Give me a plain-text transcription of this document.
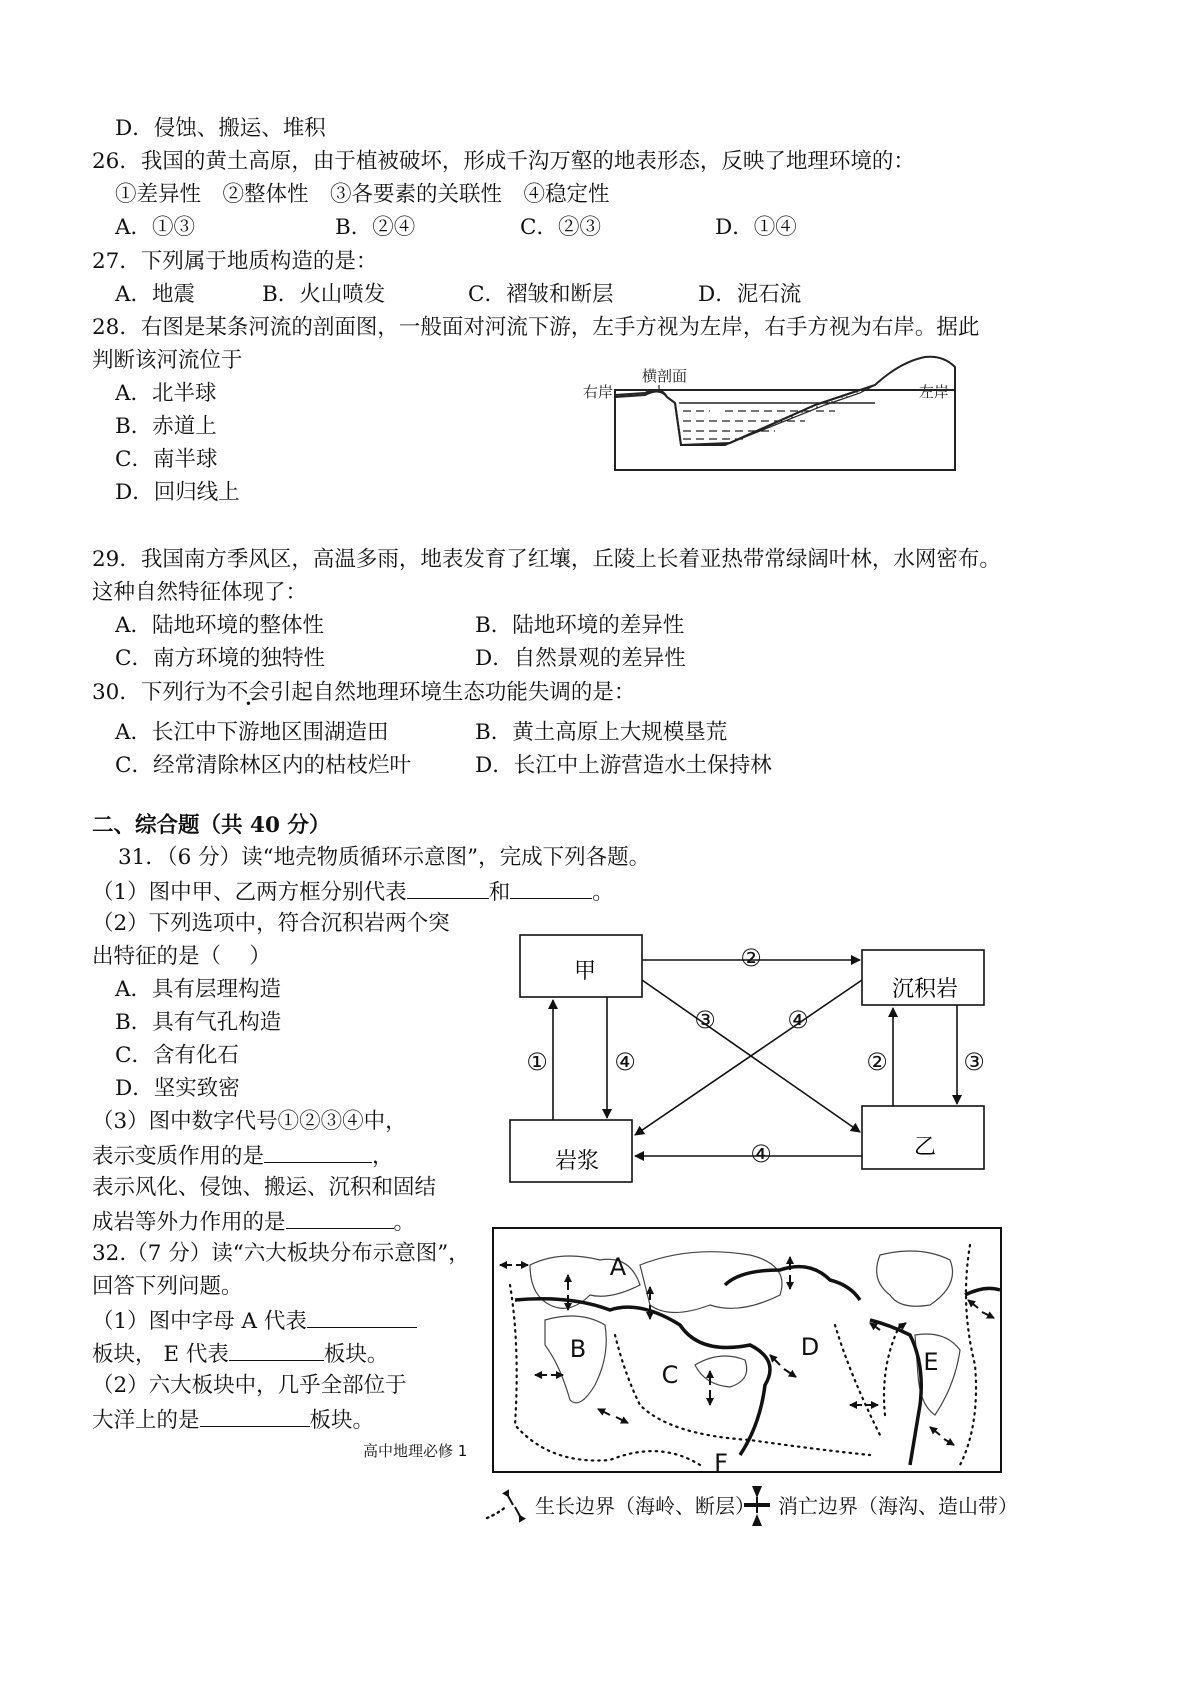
D．侵蚀、搬运、堆积
26．我国的黄土高原，由于植被破坏，形成千沟万壑的地表形态，反映了地理环境的：
①差异性　②整体性　③各要素的关联性　④稳定性
A．①③	B．②④	C．②③	D．①④
27．下列属于地质构造的是：
A．地震	B．火山喷发	C．褶皱和断层	D．泥石流
28．右图是某条河流的剖面图，一般面对河流下游，左手方视为左岸，右手方视为右岸。据此
判断该河流位于
A．北半球
B．赤道上
C．南半球
D．回归线上
右岸
横剖面
左岸
29．我国南方季风区，高温多雨，地表发育了红壤，丘陵上长着亚热带常绿阔叶林，水网密布。
这种自然特征体现了：
A．陆地环境的整体性	B．陆地环境的差异性
C．南方环境的独特性	D．自然景观的差异性
30．下列行为不会引起自然地理环境生态功能失调的是：
A．长江中下游地区围湖造田	B．黄土高原上大规模垦荒
C．经常清除林区内的枯枝烂叶	D．长江中上游营造水土保持林
二、综合题（共 40 分）
31．（6 分）读“地壳物质循环示意图”，完成下列各题。
（1）图中甲、乙两方框分别代表	和	。
（2）下列选项中，符合沉积岩两个突
出特征的是（　 ）
A．具有层理构造
B．具有气孔构造
C．含有化石
D．坚实致密
（3）图中数字代号①②③④中，
表示变质作用的是	，
表示风化、侵蚀、搬运、沉积和固结
成岩等外力作用的是	。
甲
沉积岩
岩浆
乙
②
③	④
①	④	②	③
④
32.（7 分）读“六大板块分布示意图”，
回答下列问题。
（1）图中字母 A 代表
板块， E 代表	板块。
（2）六大板块中，几乎全部位于
大洋上的是	板块。
A
B
C
D
E
F
高中地理必修 1
生长边界（海岭、断层） 消亡边界（海沟、造山带）
